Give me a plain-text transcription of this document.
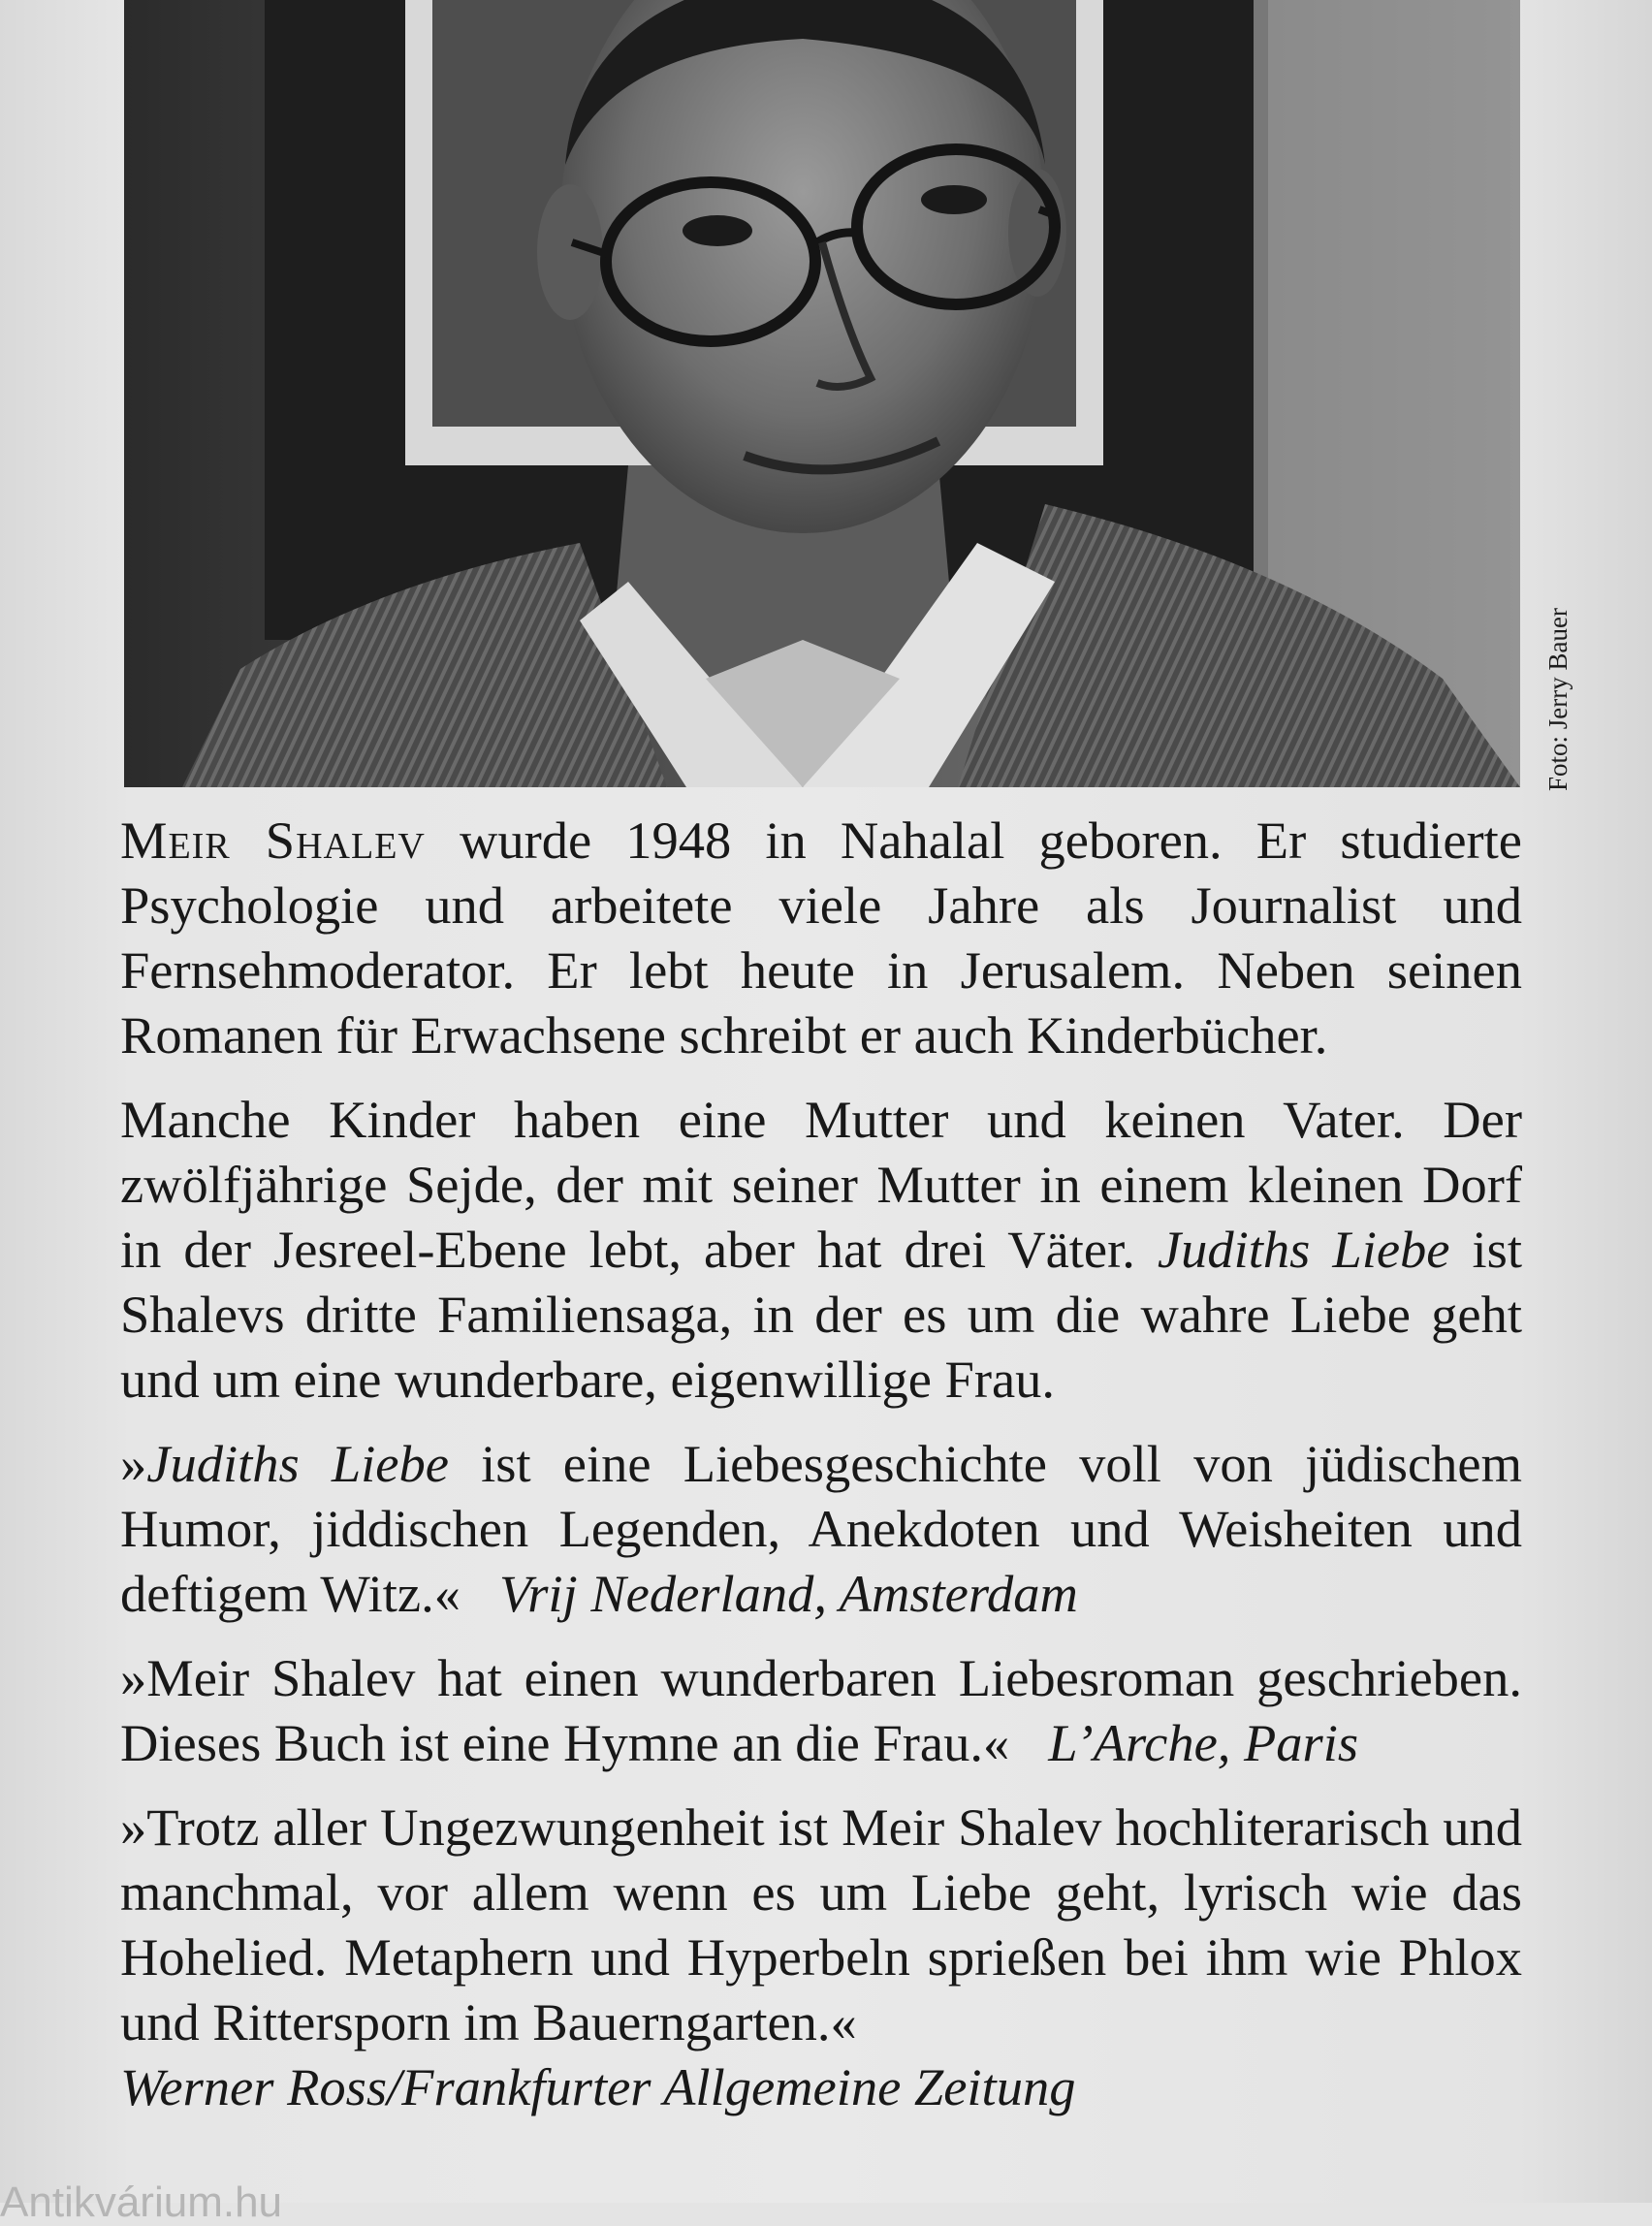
Foto: Jerry Bauer

Meir Shalev wurde 1948 in Nahalal geboren. Er studierte Psychologie und arbeitete viele Jahre als Journalist und Fernsehmoderator. Er lebt heute in Jerusalem. Neben seinen Romanen für Erwachsene schreibt er auch Kinderbücher.

Manche Kinder haben eine Mutter und keinen Vater. Der zwölfjährige Sejde, der mit seiner Mutter in einem kleinen Dorf in der Jesreel-Ebene lebt, aber hat drei Väter. Judiths Liebe ist Shalevs dritte Familiensaga, in der es um die wahre Liebe geht und um eine wunderbare, eigenwillige Frau.

»Judiths Liebe ist eine Liebesgeschichte voll von jüdischem Humor, jiddischen Legenden, Anekdoten und Weisheiten und deftigem Witz.« Vrij Nederland, Amsterdam

»Meir Shalev hat einen wunderbaren Liebesroman geschrieben. Dieses Buch ist eine Hymne an die Frau.« L’Arche, Paris

»Trotz aller Ungezwungenheit ist Meir Shalev hochliterarisch und manchmal, vor allem wenn es um Liebe geht, lyrisch wie das Hohelied. Metaphern und Hyperbeln sprießen bei ihm wie Phlox und Rittersporn im Bauerngarten.«
Werner Ross/Frankfurter Allgemeine Zeitung

Antikvárium.hu
